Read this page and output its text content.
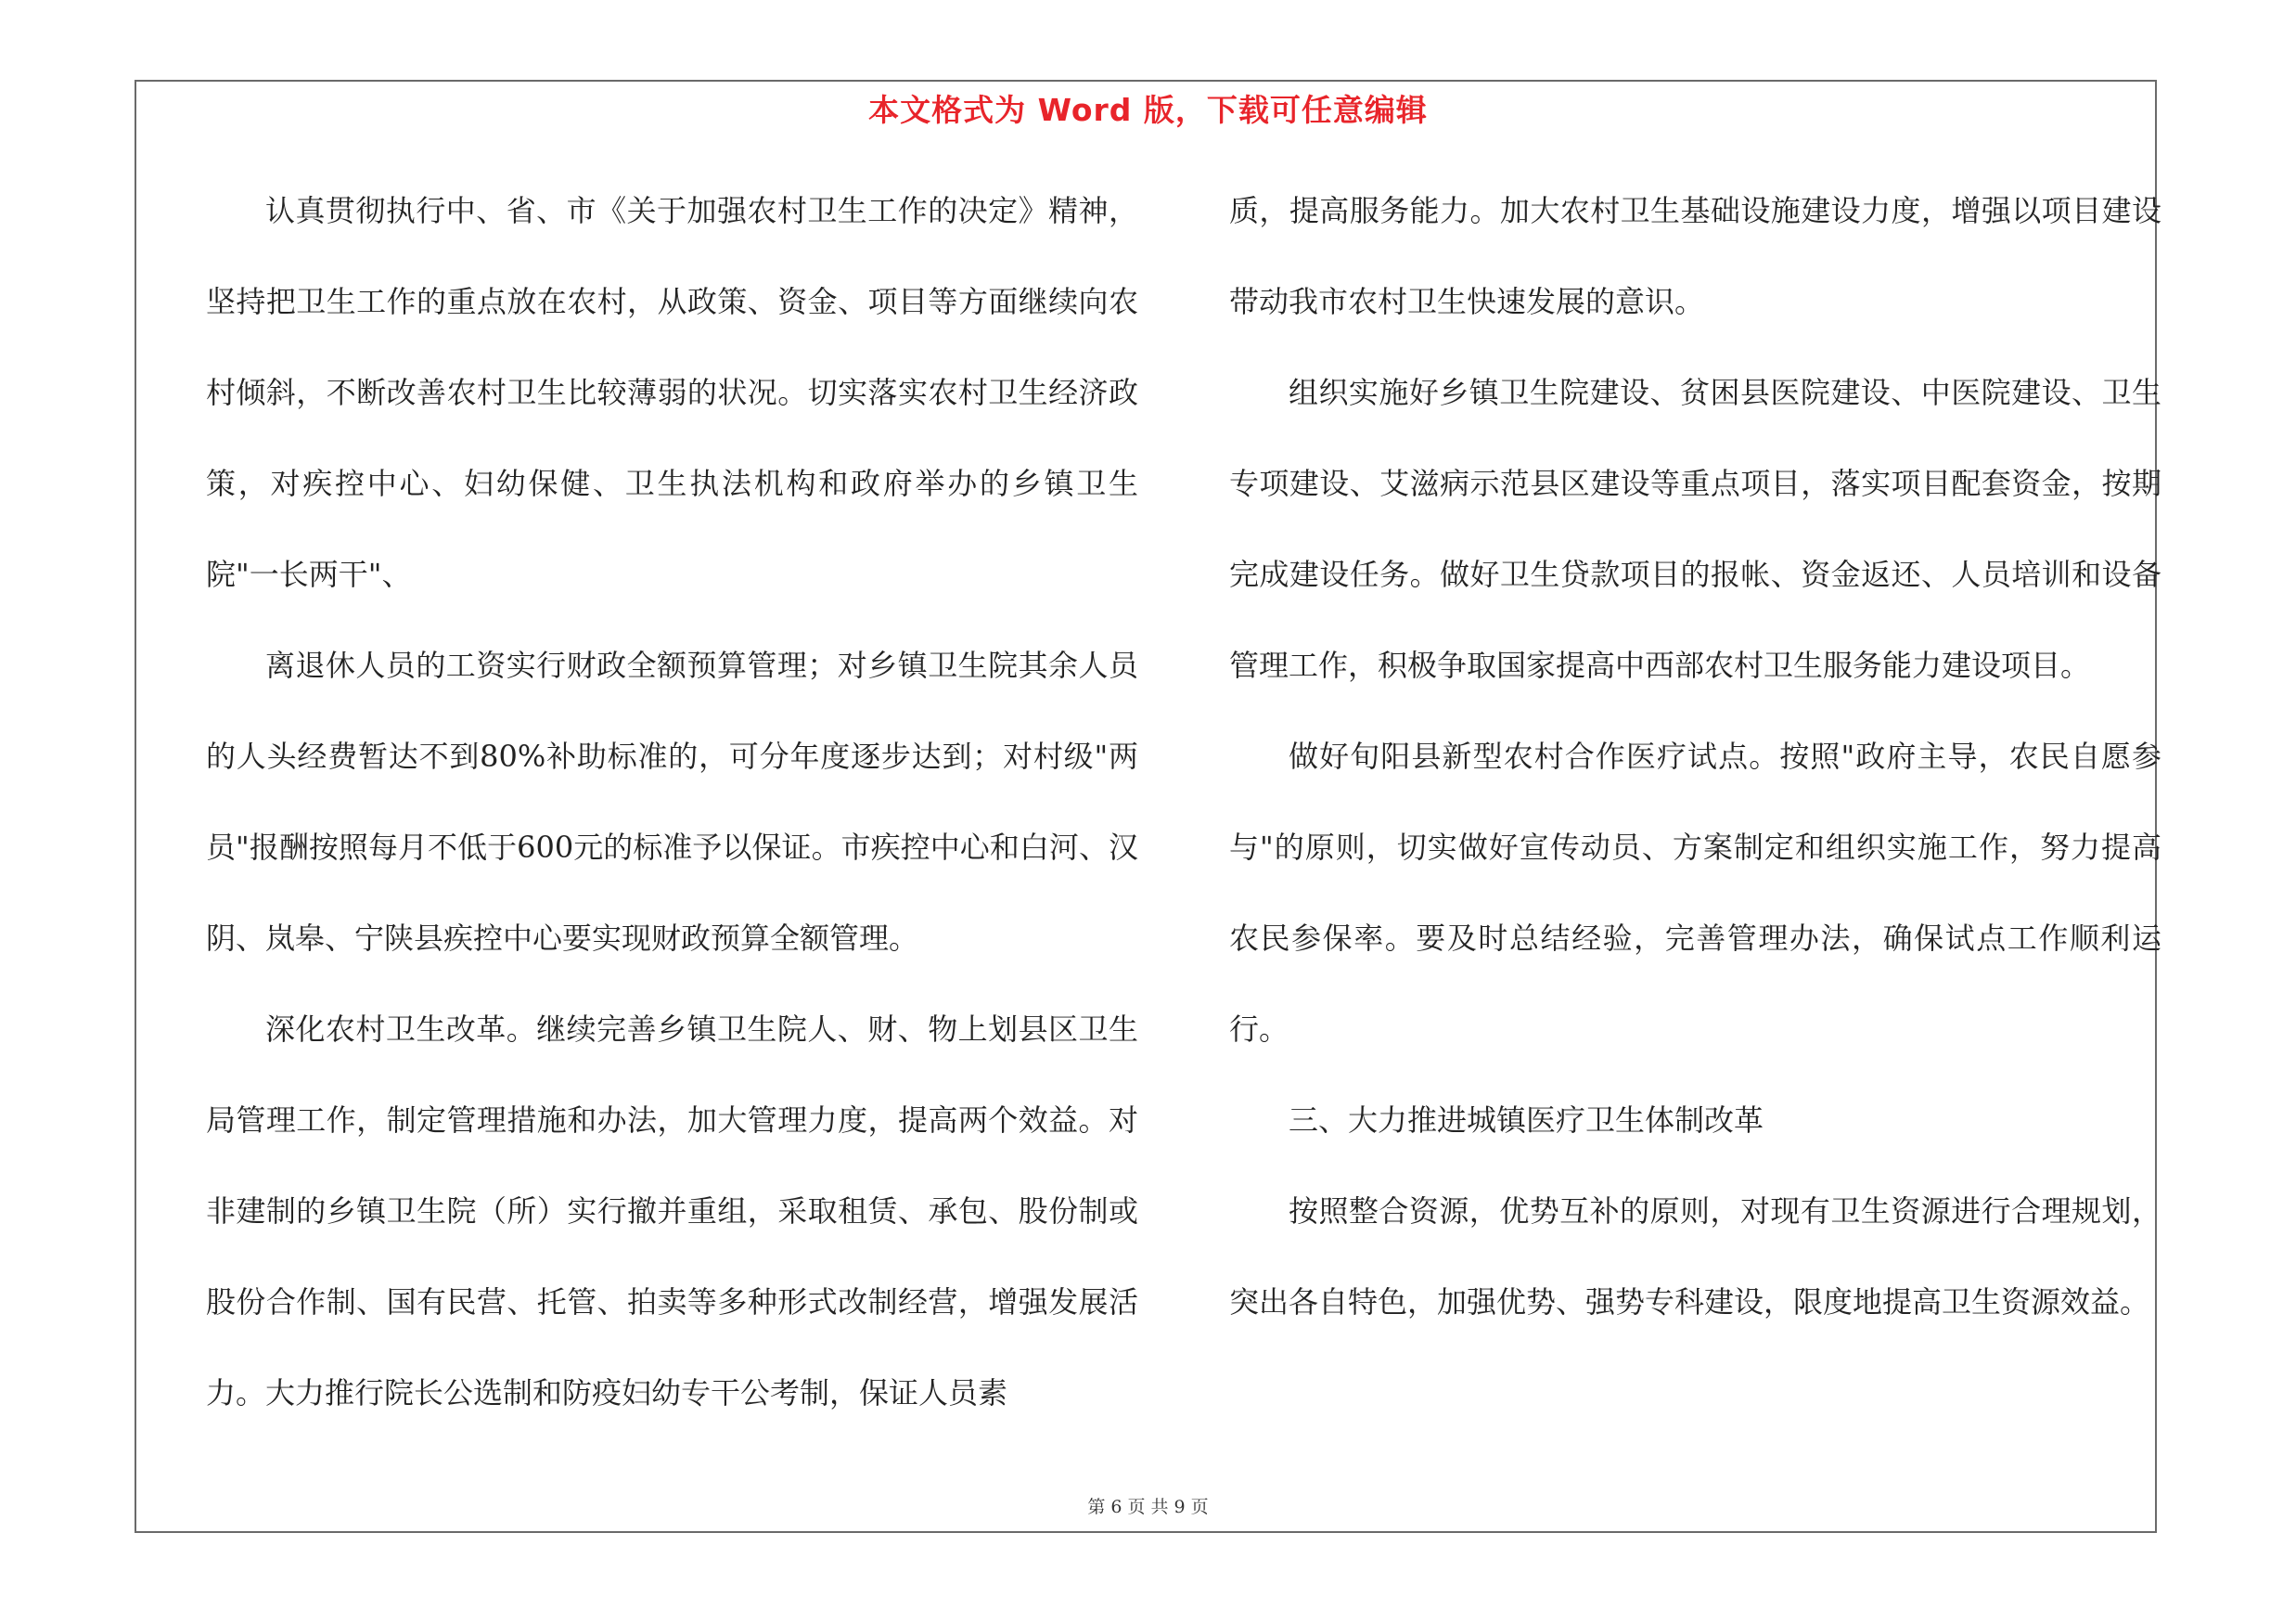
本文格式为 Word 版，下载可任意编辑

认真贯彻执行中、省、市《关于加强农村卫生工作的决定》精神，坚持把卫生工作的重点放在农村，从政策、资金、项目等方面继续向农村倾斜，不断改善农村卫生比较薄弱的状况。切实落实农村卫生经济政策，对疾控中心、妇幼保健、卫生执法机构和政府举办的乡镇卫生院"一长两干"、

离退休人员的工资实行财政全额预算管理；对乡镇卫生院其余人员的人头经费暂达不到80%补助标准的，可分年度逐步达到；对村级"两员"报酬按照每月不低于600元的标准予以保证。市疾控中心和白河、汉阴、岚皋、宁陕县疾控中心要实现财政预算全额管理。

深化农村卫生改革。继续完善乡镇卫生院人、财、物上划县区卫生局管理工作，制定管理措施和办法，加大管理力度，提高两个效益。对非建制的乡镇卫生院（所）实行撤并重组，采取租赁、承包、股份制或股份合作制、国有民营、托管、拍卖等多种形式改制经营，增强发展活力。大力推行院长公选制和防疫妇幼专干公考制，保证人员素

质，提高服务能力。加大农村卫生基础设施建设力度，增强以项目建设带动我市农村卫生快速发展的意识。

组织实施好乡镇卫生院建设、贫困县医院建设、中医院建设、卫生专项建设、艾滋病示范县区建设等重点项目，落实项目配套资金，按期完成建设任务。做好卫生贷款项目的报帐、资金返还、人员培训和设备管理工作，积极争取国家提高中西部农村卫生服务能力建设项目。

做好旬阳县新型农村合作医疗试点。按照"政府主导，农民自愿参与"的原则，切实做好宣传动员、方案制定和组织实施工作，努力提高农民参保率。要及时总结经验，完善管理办法，确保试点工作顺利运行。

三、大力推进城镇医疗卫生体制改革

按照整合资源，优势互补的原则，对现有卫生资源进行合理规划，突出各自特色，加强优势、强势专科建设，限度地提高卫生资源效益。

第 6 页 共 9 页
